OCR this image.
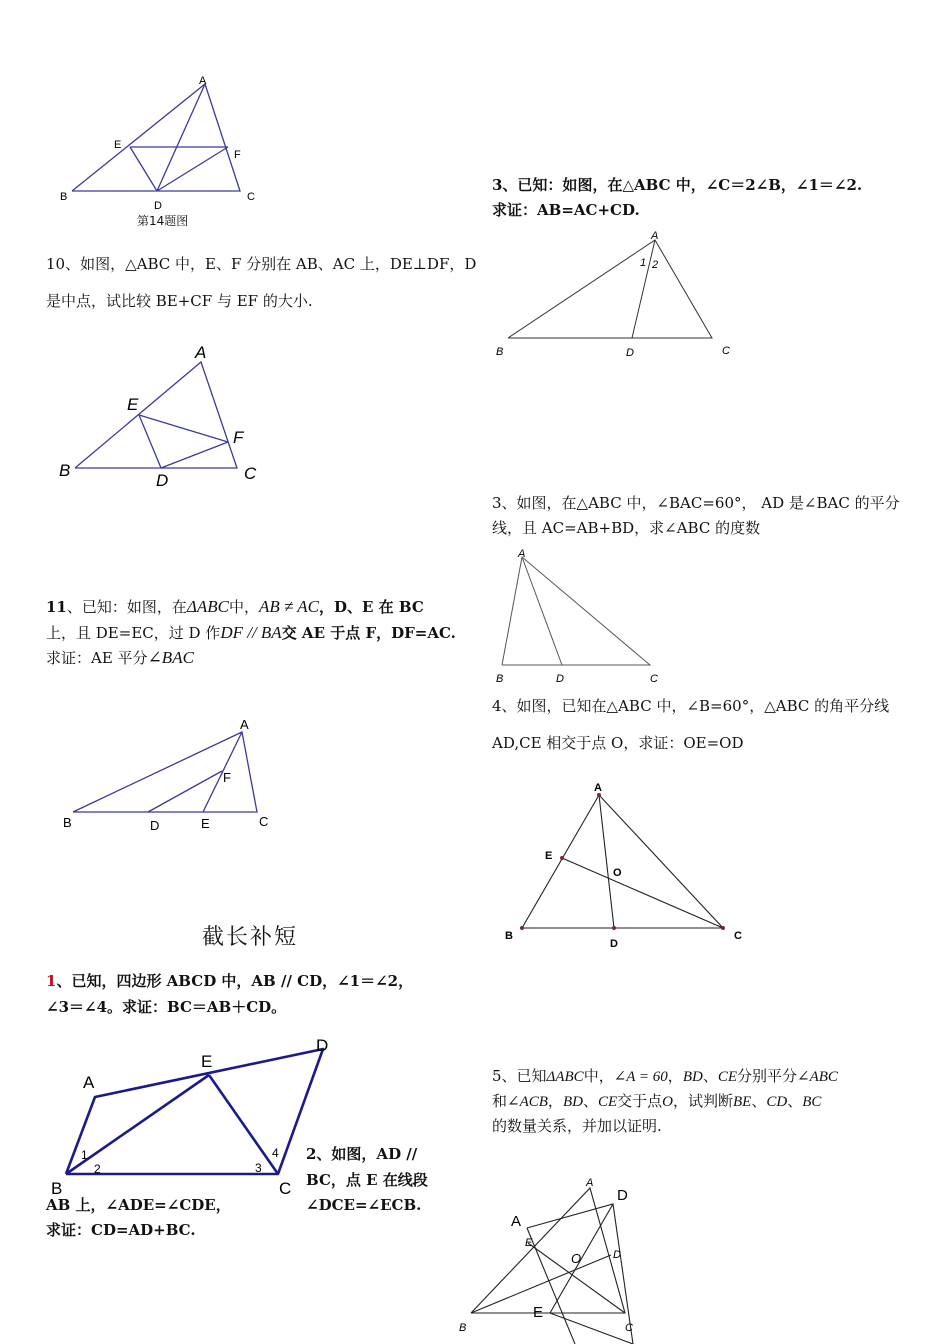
A
E
F
B
D
C
第14题图
10、如图，△ABC 中，E、F 分别在 AB、AC 上，DE⊥DF，D
是中点，试比较 BE+CF 与 EF 的大小.
A
E
F
B
D	C
11、已知：如图，在ΔABC中，AB ≠ AC，D、E 在 BC
上，且 DE=EC，过 D 作DF // BA交 AE 于点 F，DF=AC.
求证：AE 平分∠BAC
A
F
B	D	E	C
截长补短
1、已知，四边形 ABCD 中，AB // CD，∠1＝∠2，
∠3＝∠4。求证：BC＝AB＋CD。
A
E
D
B	C
1
2	3
4 2、如图，AD //
BC，点 E 在线段
AB 上，∠ADE=∠CDE，	∠DCE=∠ECB.
求证：CD=AD+BC.
3、已知：如图，在△ABC 中，∠C＝2∠B，∠1＝∠2.
求证：AB=AC+CD.
A
1 2
B	D	C
3、如图，在△ABC 中，∠BAC=60°， AD 是∠BAC 的平分
线，且 AC=AB+BD，求∠ABC 的度数
A
B	D	C
4、如图，已知在△ABC 中，∠B=60°，△ABC 的角平分线
AD,CE 相交于点 O，求证：OE=OD
A
E
O
B
D
C
5、已知ΔABC中，∠A = 60，BD、CE分别平分∠ABC
和∠ACB，BD、CE交于点O，试判断BE、CD、BC
的数量关系，并加以证明.
A
D
A
E
O	D
E
B	C
